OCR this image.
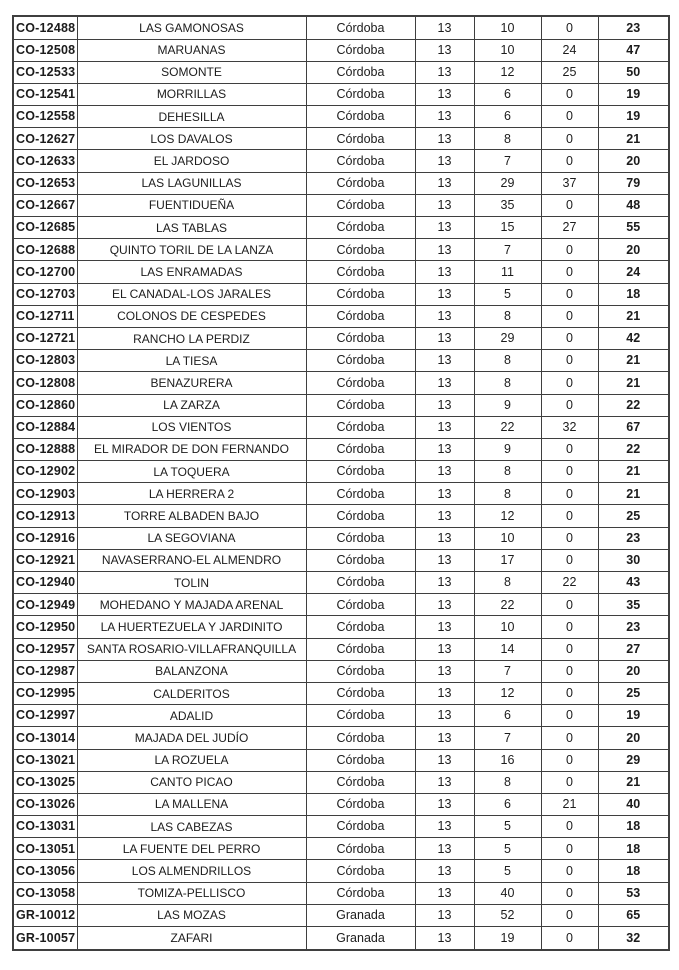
CO-12488	LAS GAMONOSAS	Córdoba	13	10	0	23
CO-12508	MARUANAS	Córdoba	13	10	24	47
CO-12533	SOMONTE	Córdoba	13	12	25	50
CO-12541	MORRILLAS	Córdoba	13	6	0	19
CO-12558	DEHESILLA	Córdoba	13	6	0	19
CO-12627	LOS DAVALOS	Córdoba	13	8	0	21
CO-12633	EL JARDOSO	Córdoba	13	7	0	20
CO-12653	LAS LAGUNILLAS	Córdoba	13	29	37	79
CO-12667	FUENTIDUEÑA	Córdoba	13	35	0	48
CO-12685	LAS TABLAS	Córdoba	13	15	27	55
CO-12688	QUINTO TORIL DE LA LANZA	Córdoba	13	7	0	20
CO-12700	LAS ENRAMADAS	Córdoba	13	11	0	24
CO-12703	EL CANADAL-LOS JARALES	Córdoba	13	5	0	18
CO-12711	COLONOS DE CESPEDES	Córdoba	13	8	0	21
CO-12721	RANCHO LA PERDIZ	Córdoba	13	29	0	42
CO-12803	LA TIESA	Córdoba	13	8	0	21
CO-12808	BENAZURERA	Córdoba	13	8	0	21
CO-12860	LA ZARZA	Córdoba	13	9	0	22
CO-12884	LOS VIENTOS	Córdoba	13	22	32	67
CO-12888	EL MIRADOR DE DON FERNANDO	Córdoba	13	9	0	22
CO-12902	LA TOQUERA	Córdoba	13	8	0	21
CO-12903	LA HERRERA 2	Córdoba	13	8	0	21
CO-12913	TORRE ALBADEN BAJO	Córdoba	13	12	0	25
CO-12916	LA SEGOVIANA	Córdoba	13	10	0	23
CO-12921	NAVASERRANO-EL ALMENDRO	Córdoba	13	17	0	30
CO-12940	TOLIN	Córdoba	13	8	22	43
CO-12949	MOHEDANO Y MAJADA ARENAL	Córdoba	13	22	0	35
CO-12950	LA HUERTEZUELA Y JARDINITO	Córdoba	13	10	0	23
CO-12957	SANTA ROSARIO-VILLAFRANQUILLA	Córdoba	13	14	0	27
CO-12987	BALANZONA	Córdoba	13	7	0	20
CO-12995	CALDERITOS	Córdoba	13	12	0	25
CO-12997	ADALID	Córdoba	13	6	0	19
CO-13014	MAJADA DEL JUDÍO	Córdoba	13	7	0	20
CO-13021	LA ROZUELA	Córdoba	13	16	0	29
CO-13025	CANTO PICAO	Córdoba	13	8	0	21
CO-13026	LA MALLENA	Córdoba	13	6	21	40
CO-13031	LAS CABEZAS	Córdoba	13	5	0	18
CO-13051	LA FUENTE DEL PERRO	Córdoba	13	5	0	18
CO-13056	LOS ALMENDRILLOS	Córdoba	13	5	0	18
CO-13058	TOMIZA-PELLISCO	Córdoba	13	40	0	53
GR-10012	LAS MOZAS	Granada	13	52	0	65
GR-10057	ZAFARI	Granada	13	19	0	32
